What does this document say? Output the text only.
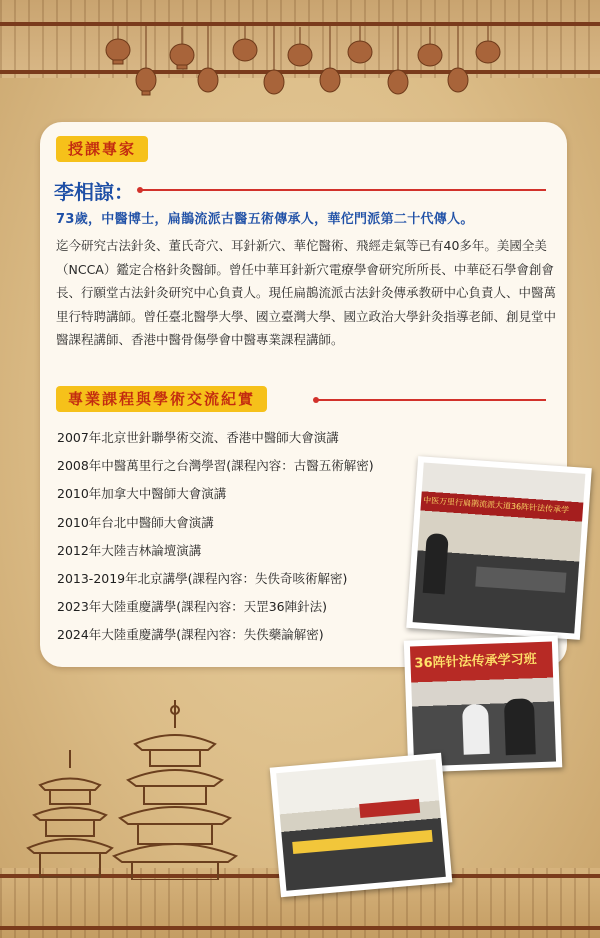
授課專家
李相諒：
73歲，中醫博士，扁鵲流派古醫五術傳承人，華佗門派第二十代傳人。
迄今研究古法針灸、董氏奇穴、耳針新穴、華佗醫術、飛經走氣等已有40多年。美國全美（NCCA）鑑定合格針灸醫師。曾任中華耳針新穴電療學會研究所所長、中華砭石學會創會長、行願堂古法針灸研究中心負責人。現任扁鵲流派古法針灸傳承教研中心負責人、中醫萬里行特聘講師。曾任臺北醫學大學、國立臺灣大學、國立政治大學針灸指導老師、創見堂中醫課程講師、香港中醫骨傷學會中醫專業課程講師。
專業課程與學術交流紀實
2007年北京世針聯學術交流、香港中醫師大會演講
2008年中醫萬里行之台灣學習(課程內容：古醫五術解密)
2010年加拿大中醫師大會演講
2010年台北中醫師大會演講
2012年大陸吉林論壇演講
2013-2019年北京講學(課程內容：失佚奇咳術解密)
2023年大陸重慶講學(課程內容：天罡36陣針法)
2024年大陸重慶講學(課程內容：失佚藥論解密)
中医万里行扁鹊流派大道36阵针法传承学
36阵针法传承学习班
